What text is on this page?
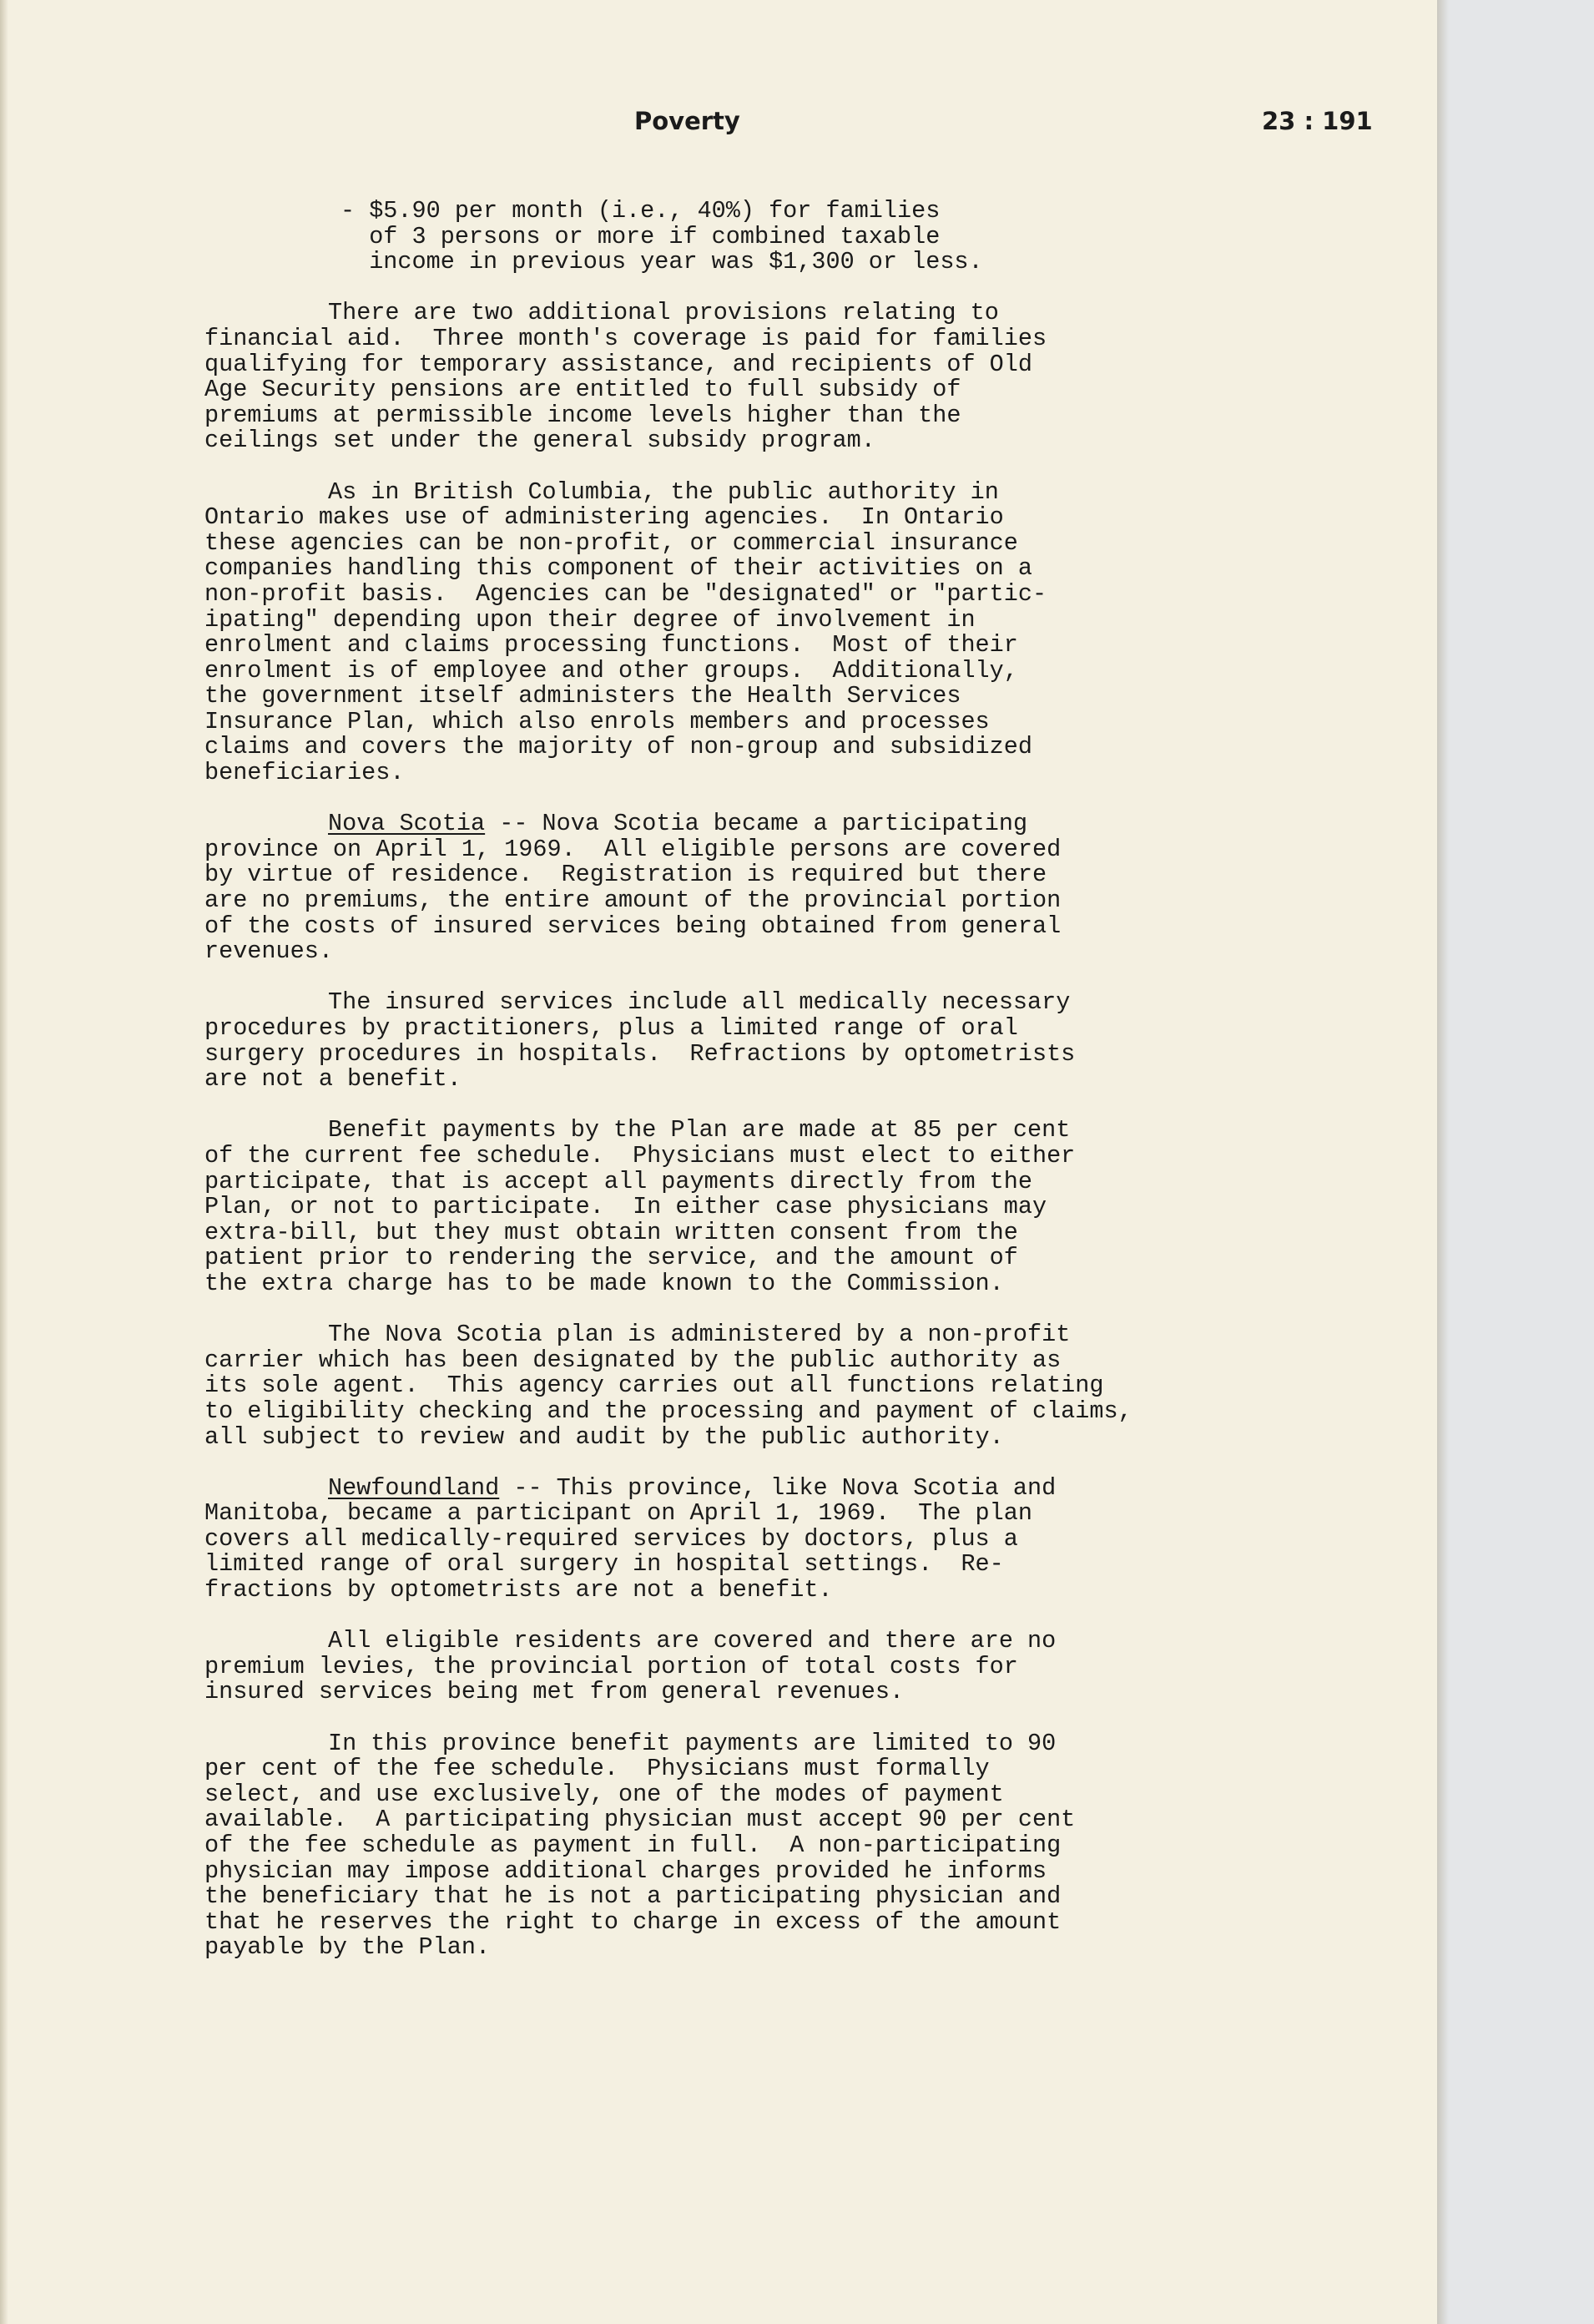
Poverty	23 : 191
- $5.90 per month (i.e., 40%) for families
of 3 persons or more if combined taxable
income in previous year was $1,300 or less.
There are two additional provisions relating to
financial aid.  Three month's coverage is paid for families
qualifying for temporary assistance, and recipients of Old
Age Security pensions are entitled to full subsidy of
premiums at permissible income levels higher than the
ceilings set under the general subsidy program.
As in British Columbia, the public authority in
Ontario makes use of administering agencies.  In Ontario
these agencies can be non-profit, or commercial insurance
companies handling this component of their activities on a
non-profit basis.  Agencies can be "designated" or "partic-
ipating" depending upon their degree of involvement in
enrolment and claims processing functions.  Most of their
enrolment is of employee and other groups.  Additionally,
the government itself administers the Health Services
Insurance Plan, which also enrols members and processes
claims and covers the majority of non-group and subsidized
beneficiaries.
Nova Scotia -- Nova Scotia became a participating
province on April 1, 1969.  All eligible persons are covered
by virtue of residence.  Registration is required but there
are no premiums, the entire amount of the provincial portion
of the costs of insured services being obtained from general
revenues.
The insured services include all medically necessary
procedures by practitioners, plus a limited range of oral
surgery procedures in hospitals.  Refractions by optometrists
are not a benefit.
Benefit payments by the Plan are made at 85 per cent
of the current fee schedule.  Physicians must elect to either
participate, that is accept all payments directly from the
Plan, or not to participate.  In either case physicians may
extra-bill, but they must obtain written consent from the
patient prior to rendering the service, and the amount of
the extra charge has to be made known to the Commission.
The Nova Scotia plan is administered by a non-profit
carrier which has been designated by the public authority as
its sole agent.  This agency carries out all functions relating
to eligibility checking and the processing and payment of claims,
all subject to review and audit by the public authority.
Newfoundland -- This province, like Nova Scotia and
Manitoba, became a participant on April 1, 1969.  The plan
covers all medically-required services by doctors, plus a
limited range of oral surgery in hospital settings.  Re-
fractions by optometrists are not a benefit.
All eligible residents are covered and there are no
premium levies, the provincial portion of total costs for
insured services being met from general revenues.
In this province benefit payments are limited to 90
per cent of the fee schedule.  Physicians must formally
select, and use exclusively, one of the modes of payment
available.  A participating physician must accept 90 per cent
of the fee schedule as payment in full.  A non-participating
physician may impose additional charges provided he informs
the beneficiary that he is not a participating physician and
that he reserves the right to charge in excess of the amount
payable by the Plan.
